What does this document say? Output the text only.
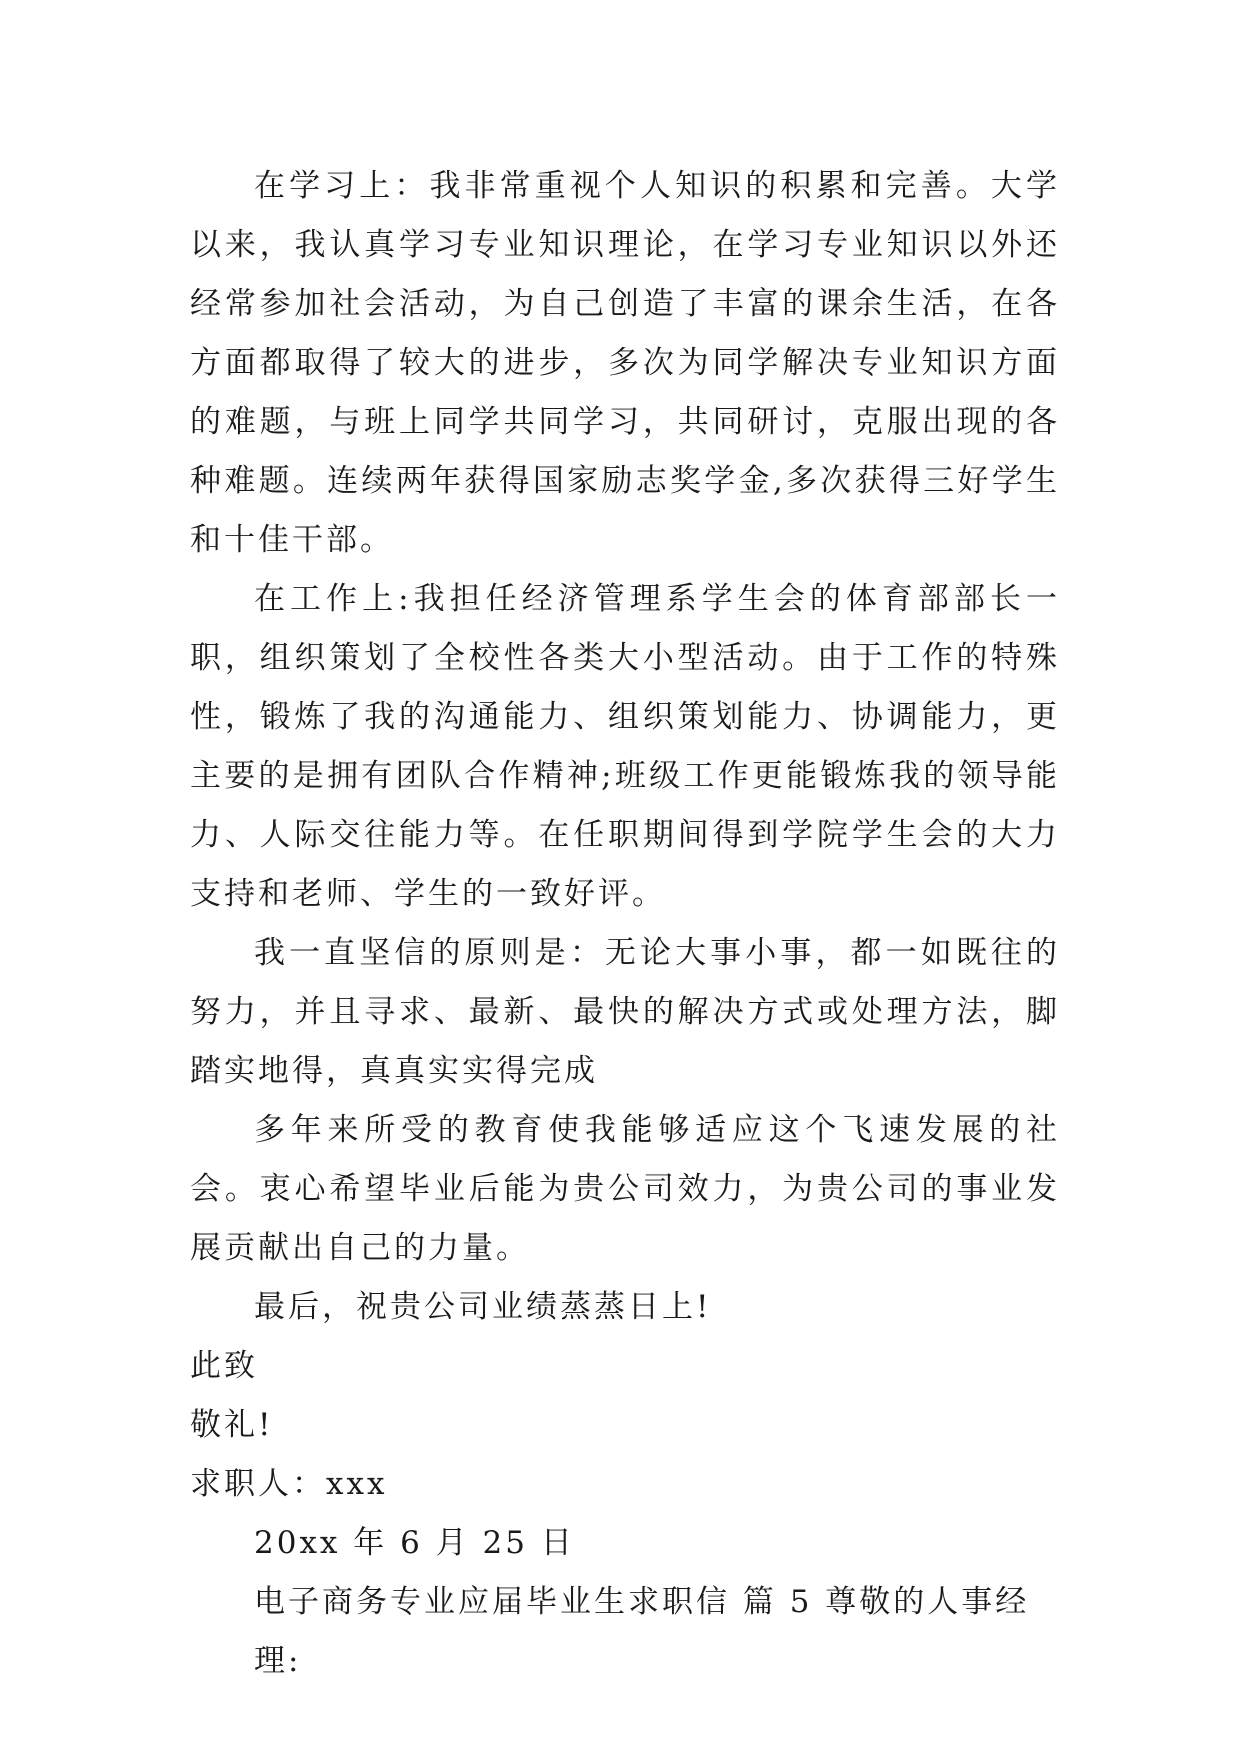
在学习上：我非常重视个人知识的积累和完善。大学以来，我认真学习专业知识理论，在学习专业知识以外还经常参加社会活动，为自己创造了丰富的课余生活，在各方面都取得了较大的进步，多次为同学解决专业知识方面的难题，与班上同学共同学习，共同研讨，克服出现的各种难题。连续两年获得国家励志奖学金,多次获得三好学生和十佳干部。

在工作上:我担任经济管理系学生会的体育部部长一职，组织策划了全校性各类大小型活动。由于工作的特殊性，锻炼了我的沟通能力、组织策划能力、协调能力，更主要的是拥有团队合作精神;班级工作更能锻炼我的领导能力、人际交往能力等。在任职期间得到学院学生会的大力支持和老师、学生的一致好评。

我一直坚信的原则是：无论大事小事，都一如既往的努力，并且寻求、最新、最快的解决方式或处理方法，脚踏实地得，真真实实得完成

多年来所受的教育使我能够适应这个飞速发展的社会。衷心希望毕业后能为贵公司效力，为贵公司的事业发展贡献出自己的力量。

最后，祝贵公司业绩蒸蒸日上!

此致

敬礼!

求职人：xxx

20xx 年 6 月 25 日

电子商务专业应届毕业生求职信 篇 5 尊敬的人事经理:
